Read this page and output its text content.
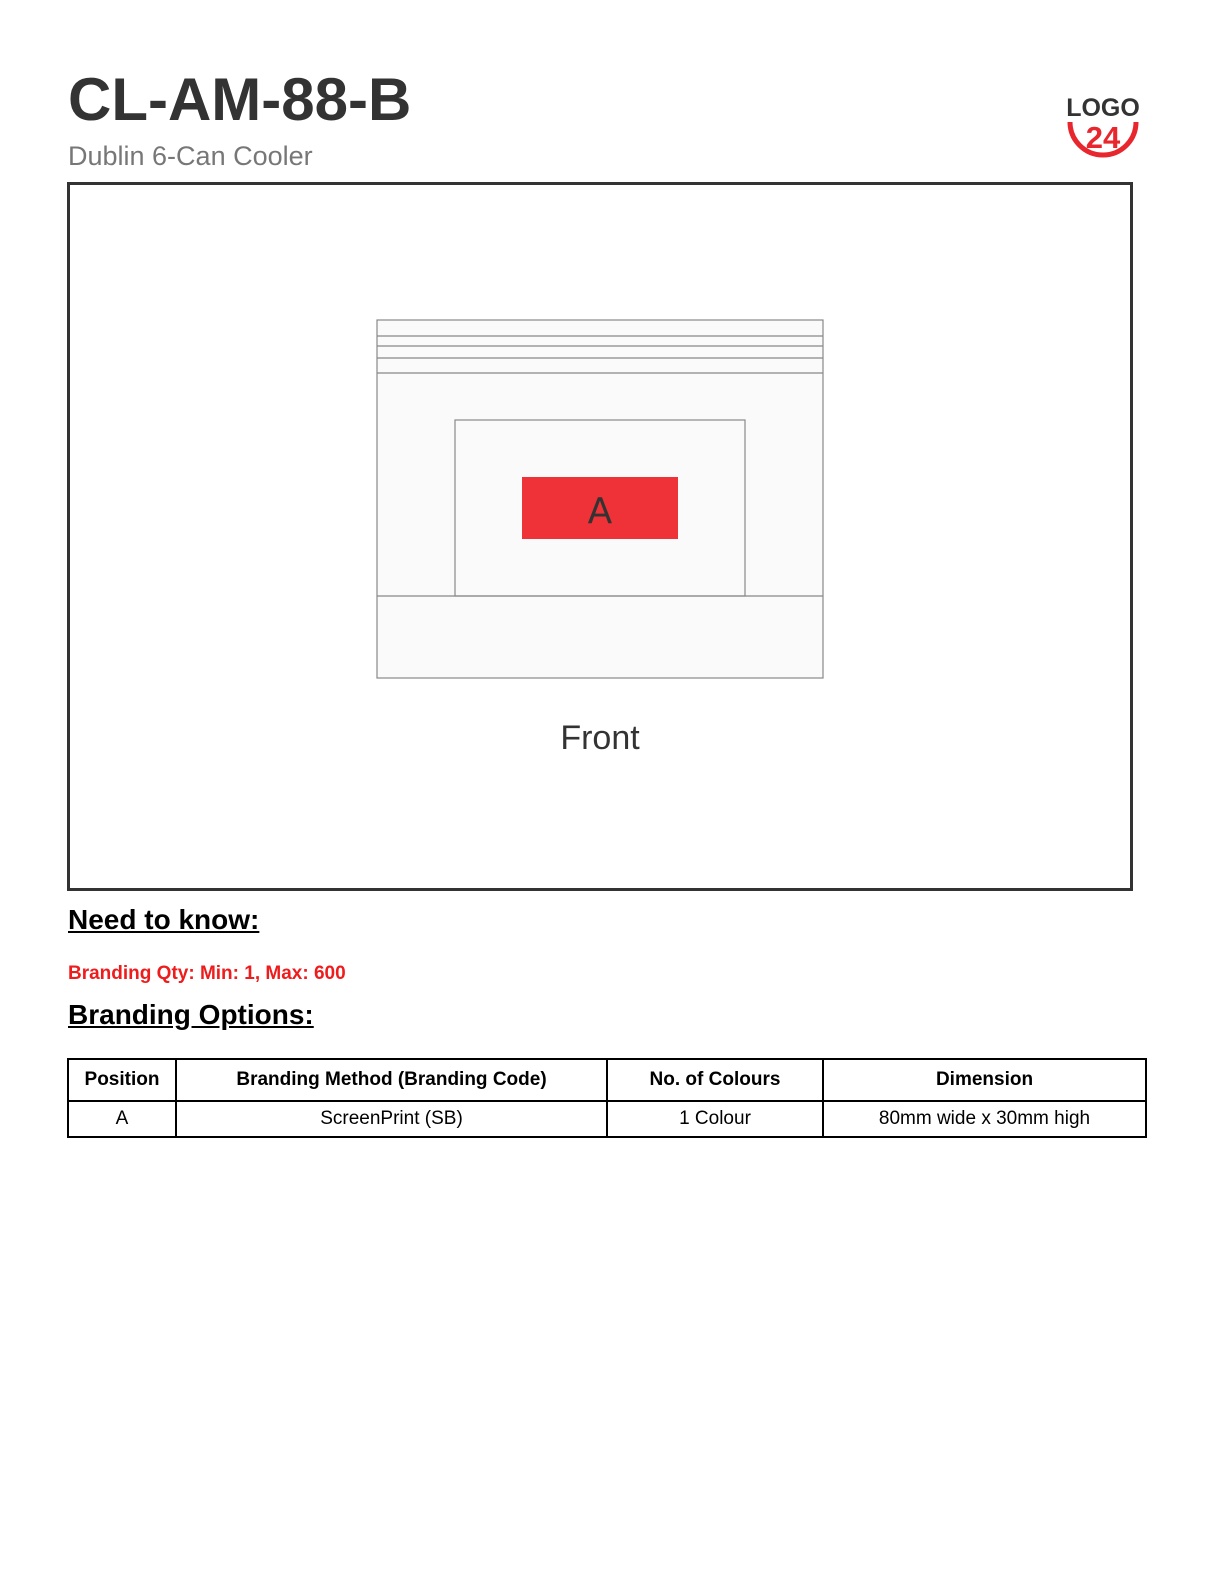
CL-AM-88-B
Dublin 6-Can Cooler
LOGO
24
A
Front
Need to know:
Branding Qty: Min: 1, Max: 600
Branding Options:
Position	Branding Method (Branding Code)	No. of Colours	Dimension
A	ScreenPrint (SB)	1 Colour	80mm wide x 30mm high
